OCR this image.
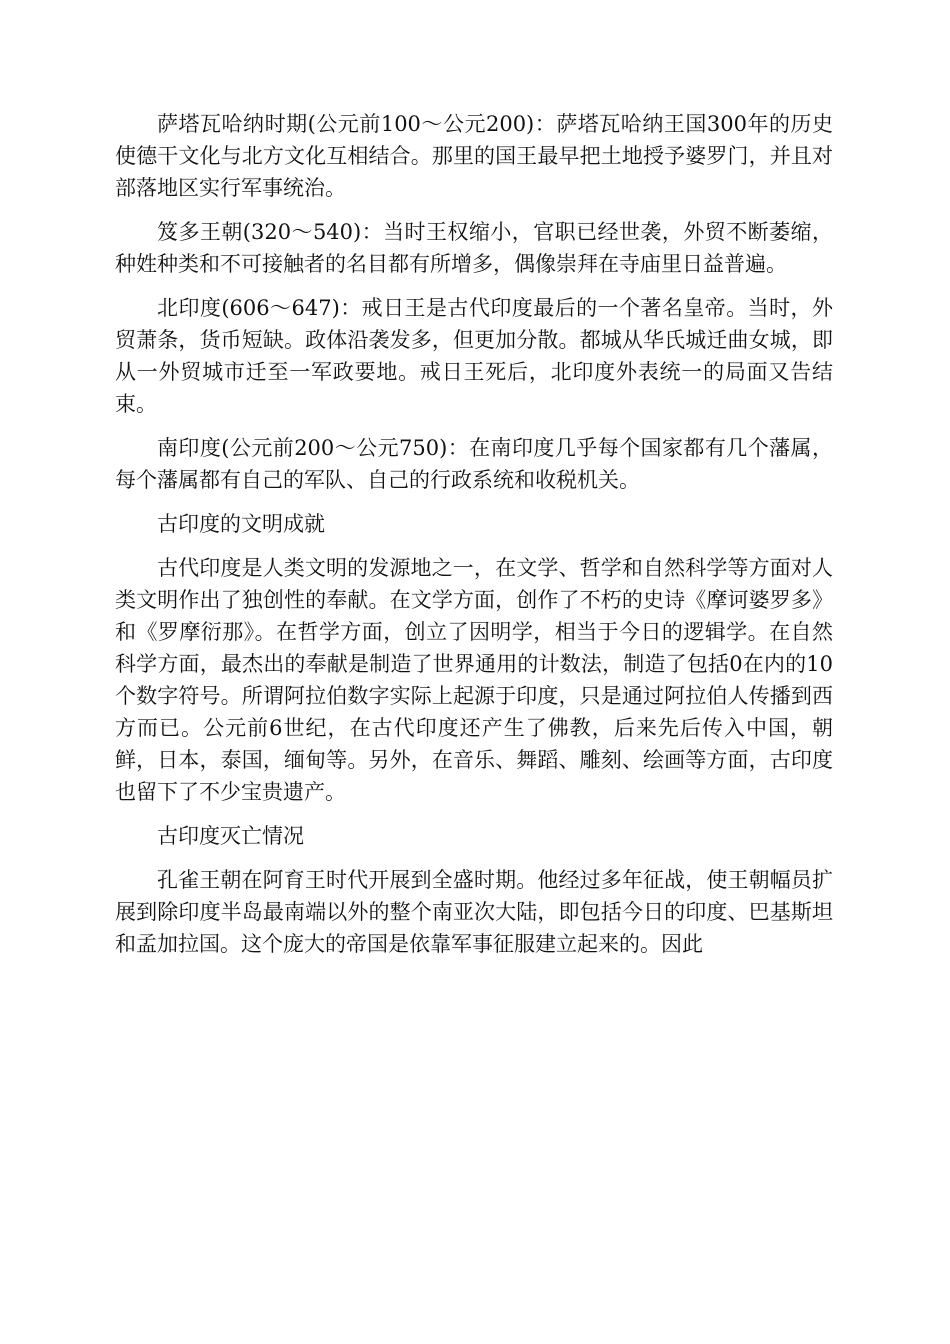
萨塔瓦哈纳时期(公元前100～公元200)：萨塔瓦哈纳王国300年的历史使德干文化与北方文化互相结合。那里的国王最早把土地授予婆罗门，并且对部落地区实行军事统治。

笈多王朝(320～540)：当时王权缩小，官职已经世袭，外贸不断萎缩，种姓种类和不可接触者的名目都有所增多，偶像崇拜在寺庙里日益普遍。

北印度(606～647)：戒日王是古代印度最后的一个著名皇帝。当时，外贸萧条，货币短缺。政体沿袭发多，但更加分散。都城从华氏城迁曲女城，即从一外贸城市迁至一军政要地。戒日王死后，北印度外表统一的局面又告结束。

南印度(公元前200～公元750)：在南印度几乎每个国家都有几个藩属，每个藩属都有自己的军队、自己的行政系统和收税机关。

古印度的文明成就

古代印度是人类文明的发源地之一，在文学、哲学和自然科学等方面对人类文明作出了独创性的奉献。在文学方面，创作了不朽的史诗《摩诃婆罗多》和《罗摩衍那》。在哲学方面，创立了因明学，相当于今日的逻辑学。在自然科学方面，最杰出的奉献是制造了世界通用的计数法，制造了包括0在内的10个数字符号。所谓阿拉伯数字实际上起源于印度，只是通过阿拉伯人传播到西方而已。公元前6世纪，在古代印度还产生了佛教，后来先后传入中国，朝鲜，日本，泰国，缅甸等。另外，在音乐、舞蹈、雕刻、绘画等方面，古印度也留下了不少宝贵遗产。

古印度灭亡情况

孔雀王朝在阿育王时代开展到全盛时期。他经过多年征战，使王朝幅员扩展到除印度半岛最南端以外的整个南亚次大陆，即包括今日的印度、巴基斯坦和孟加拉国。这个庞大的帝国是依靠军事征服建立起来的。因此
